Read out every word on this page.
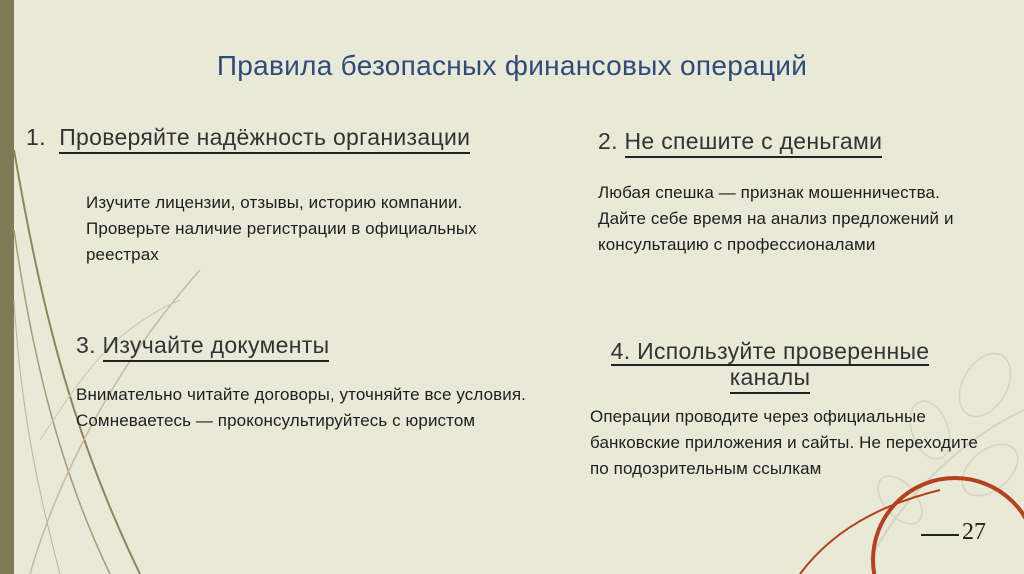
Правила безопасных финансовых операций
1. Проверяйте надёжность организации
Изучите лицензии, отзывы, историю компании. Проверьте наличие регистрации в официальных реестрах
2. Не спешите с деньгами
Любая спешка — признак мошенничества. Дайте себе время на анализ предложений и консультацию с профессионалами
3. Изучайте документы
Внимательно читайте договоры, уточняйте все условия. Сомневаетесь — проконсультируйтесь с юристом
4. Используйте проверенные
каналы
Операции проводите через официальные банковские приложения и сайты. Не переходите по подозрительным ссылкам
27
